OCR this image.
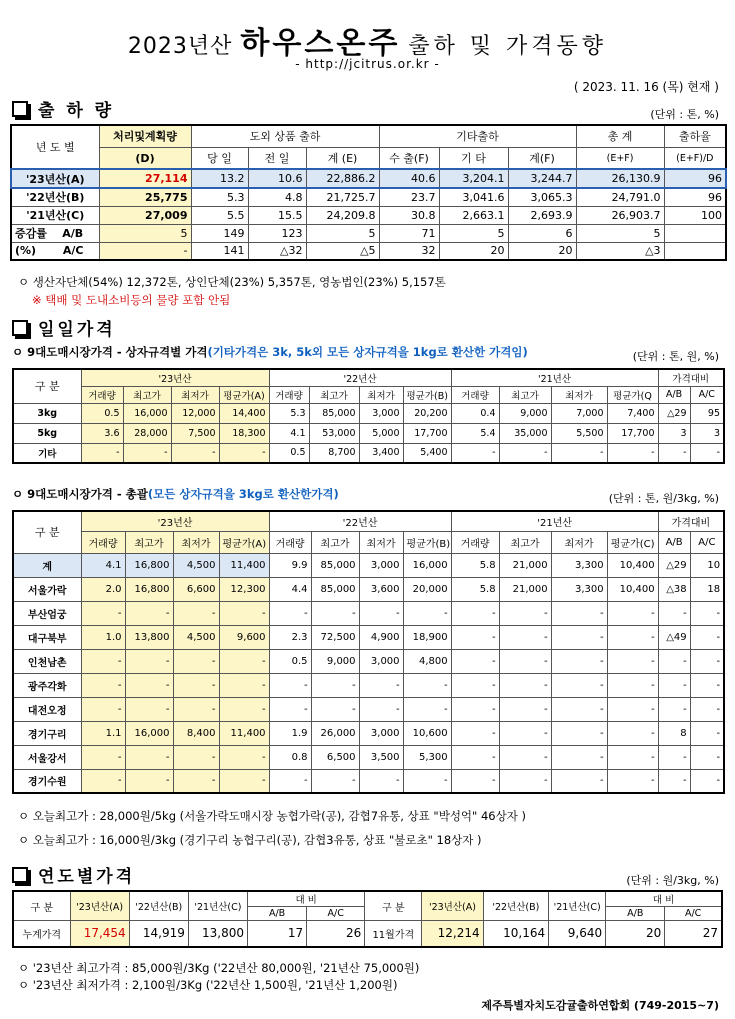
2023년산 하우스온주 출하 및 가격동향
- http://jcitrus.or.kr -
( 2023. 11. 16 (목) 현재 )
출 하 량	(단위 : 톤, %)
년 도 별	처리및계획량	도외 상품 출하			기타출하			총 계	출하율
	(D)	당 일	전 일	계 (E)	수 출(F)	기 타	계(F)	(E+F)	(E+F)/D
'23년산(A)	27,114	13.2	10.6	22,886.2	40.6	3,204.1	3,244.7	26,130.9	96
'22년산(B)	25,775	5.3	4.8	21,725.7	23.7	3,041.6	3,065.3	24,791.0	96
'21년산(C)	27,009	5.5	15.5	24,209.8	30.8	2,663.1	2,693.9	26,903.7	100
증감률 A/B	5	149	123	5	71	5	6	5	
(%) A/C	-	141	△32	△5	32	20	20	△3	
ㅇ 생산자단체(54%) 12,372톤, 상인단체(23%) 5,357톤, 영농법인(23%) 5,157톤
※ 택배 및 도내소비등의 물량 포함 안됨
일일가격
ㅇ 9대도매시장가격 - 상자규격별 가격(기타가격은 3k, 5k외 모든 상자규격을 1kg로 환산한 가격임)	(단위 : 톤, 원, %)
구 분	'23년산				'22년산				'21년산				가격대비	
	거래량	최고가	최저가	평균가(A)	거래량	최고가	최저가	평균가(B)	거래량	최고가	최저가	평균가(Q	A/B	A/C
3kg	0.5	16,000	12,000	14,400	5.3	85,000	3,000	20,200	0.4	9,000	7,000	7,400	△29	95
5kg	3.6	28,000	7,500	18,300	4.1	53,000	5,000	17,700	5.4	35,000	5,500	17,700	3	3
기타	-	-	-	-	0.5	8,700	3,400	5,400	-	-	-	-	-	-
ㅇ 9대도매시장가격 - 총괄(모든 상자규격을 3kg로 환산한가격)	(단위 : 톤, 원/3kg, %)
구 분	'23년산				'22년산				'21년산				가격대비	
	거래량	최고가	최저가	평균가(A)	거래량	최고가	최저가	평균가(B)	거래량	최고가	최저가	평균가(C)	A/B	A/C
계	4.1	16,800	4,500	11,400	9.9	85,000	3,000	16,000	5.8	21,000	3,300	10,400	△29	10
서울가락	2.0	16,800	6,600	12,300	4.4	85,000	3,600	20,000	5.8	21,000	3,300	10,400	△38	18
부산엄궁	-	-	-	-	-	-	-	-	-	-	-	-	-	-
대구북부	1.0	13,800	4,500	9,600	2.3	72,500	4,900	18,900	-	-	-	-	△49	-
인천남촌	-	-	-	-	0.5	9,000	3,000	4,800	-	-	-	-	-	-
광주각화	-	-	-	-	-	-	-	-	-	-	-	-	-	-
대전오정	-	-	-	-	-	-	-	-	-	-	-	-	-	-
경기구리	1.1	16,000	8,400	11,400	1.9	26,000	3,000	10,600	-	-	-	-	8	-
서울강서	-	-	-	-	0.8	6,500	3,500	5,300	-	-	-	-	-	-
경기수원	-	-	-	-	-	-	-	-	-	-	-	-	-	-
ㅇ 오늘최고가 : 28,000원/5kg (서울가락도매시장 농협가락(공), 감협7유통, 상표 "박성억" 46상자 )
ㅇ 오늘최고가 : 16,000원/3kg (경기구리 농협구리(공), 감협3유통, 상표 "불로초" 18상자 )
연도별가격	(단위 : 원/3kg, %)
구 분	'23년산(A)	'22년산(B)	'21년산(C)	대 비		구 분	'23년산(A)	'22년산(B)	'21년산(C)	대 비	
				A/B	A/C					A/B	A/C
누계가격	17,454	14,919	13,800	17	26	11월가격	12,214	10,164	9,640	20	27
ㅇ '23년산 최고가격 : 85,000원/3Kg ('22년산 80,000원, '21년산 75,000원)
ㅇ '23년산 최저가격 : 2,100원/3Kg ('22년산 1,500원, '21년산 1,200원)
제주특별자치도감귤출하연합회 (749-2015~7)
